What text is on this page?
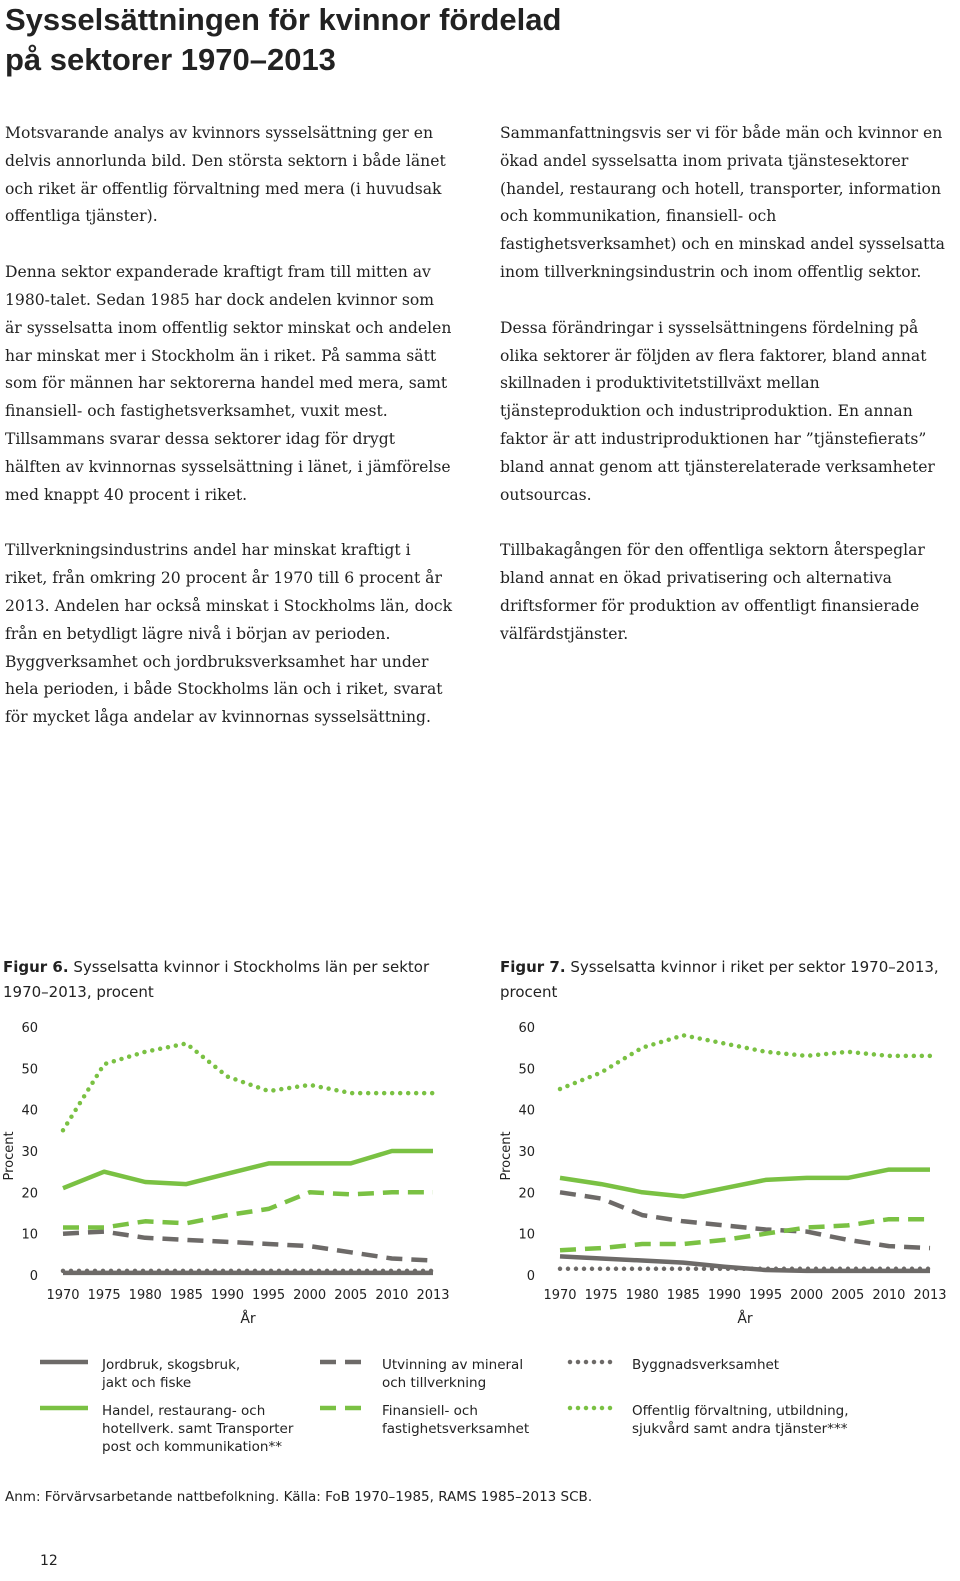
Sysselsättningen för kvinnor fördelad
på sektorer 1970–2013

Motsvarande analys av kvinnors sysselsättning ger en delvis annorlunda bild. Den största sektorn i både länet och riket är offentlig förvaltning med mera (i huvudsak offentliga tjänster).

Denna sektor expanderade kraftigt fram till mitten av 1980-talet. Sedan 1985 har dock andelen kvinnor som är sysselsatta inom offentlig sektor minskat och andelen har minskat mer i Stockholm än i riket. På samma sätt som för männen har sektorerna handel med mera, samt finansiell- och fastighetsverksamhet, vuxit mest. Tillsammans svarar dessa sektorer idag för drygt hälften av kvinnornas sysselsättning i länet, i jämförelse med knappt 40 procent i riket.

Tillverkningsindustrins andel har minskat kraftigt i riket, från omkring 20 procent år 1970 till 6 procent år 2013. Andelen har också minskat i Stockholms län, dock från en betydligt lägre nivå i början av perioden. Byggverksamhet och jordbruksverksamhet har under hela perioden, i både Stockholms län och i riket, svarat för mycket låga andelar av kvinnornas sysselsättning.

Sammanfattningsvis ser vi för både män och kvinnor en ökad andel sysselsatta inom privata tjänstesektorer (handel, restaurang och hotell, transporter, information och kommunikation, finansiell- och fastighetsverksamhet) och en minskad andel sysselsatta inom tillverkningsindustrin och inom offentlig sektor.

Dessa förändringar i sysselsättningens fördelning på olika sektorer är följden av flera faktorer, bland annat skillnaden i produktivitetstillväxt mellan tjänsteproduktion och industriproduktion. En annan faktor är att industriproduktionen har ”tjänstefierats” bland annat genom att tjänsterelaterade verksamheter outsourcas.

Tillbakagången för den offentliga sektorn återspeglar bland annat en ökad privatisering och alternativa driftsformer för produktion av offentligt finansierade välfärdstjänster.

Figur 6. Sysselsatta kvinnor i Stockholms län per sektor 1970–2013, procent

0
10
20
30
40
50
60
1970 1975 1980 1985 1990 1995 2000 2005 2010 2013
Procent
År

Figur 7. Sysselsatta kvinnor i riket per sektor 1970–2013, procent

0
10
20
30
40
50
60
1970 1975 1980 1985 1990 1995 2000 2005 2010 2013
Procent
År
Jordbruk, skogsbruk,
jakt och fiske
Utvinning av mineral
och tillverkning
Byggnadsverksamhet
Handel, restaurang- och
hotellverk. samt Transporter
post och kommunikation**
Finansiell- och
fastighetsverksamhet
Offentlig förvaltning, utbildning,
sjukvård samt andra tjänster***
Anm: Förvärvsarbetande nattbefolkning. Källa: FoB 1970–1985, RAMS 1985–2013 SCB.
12
